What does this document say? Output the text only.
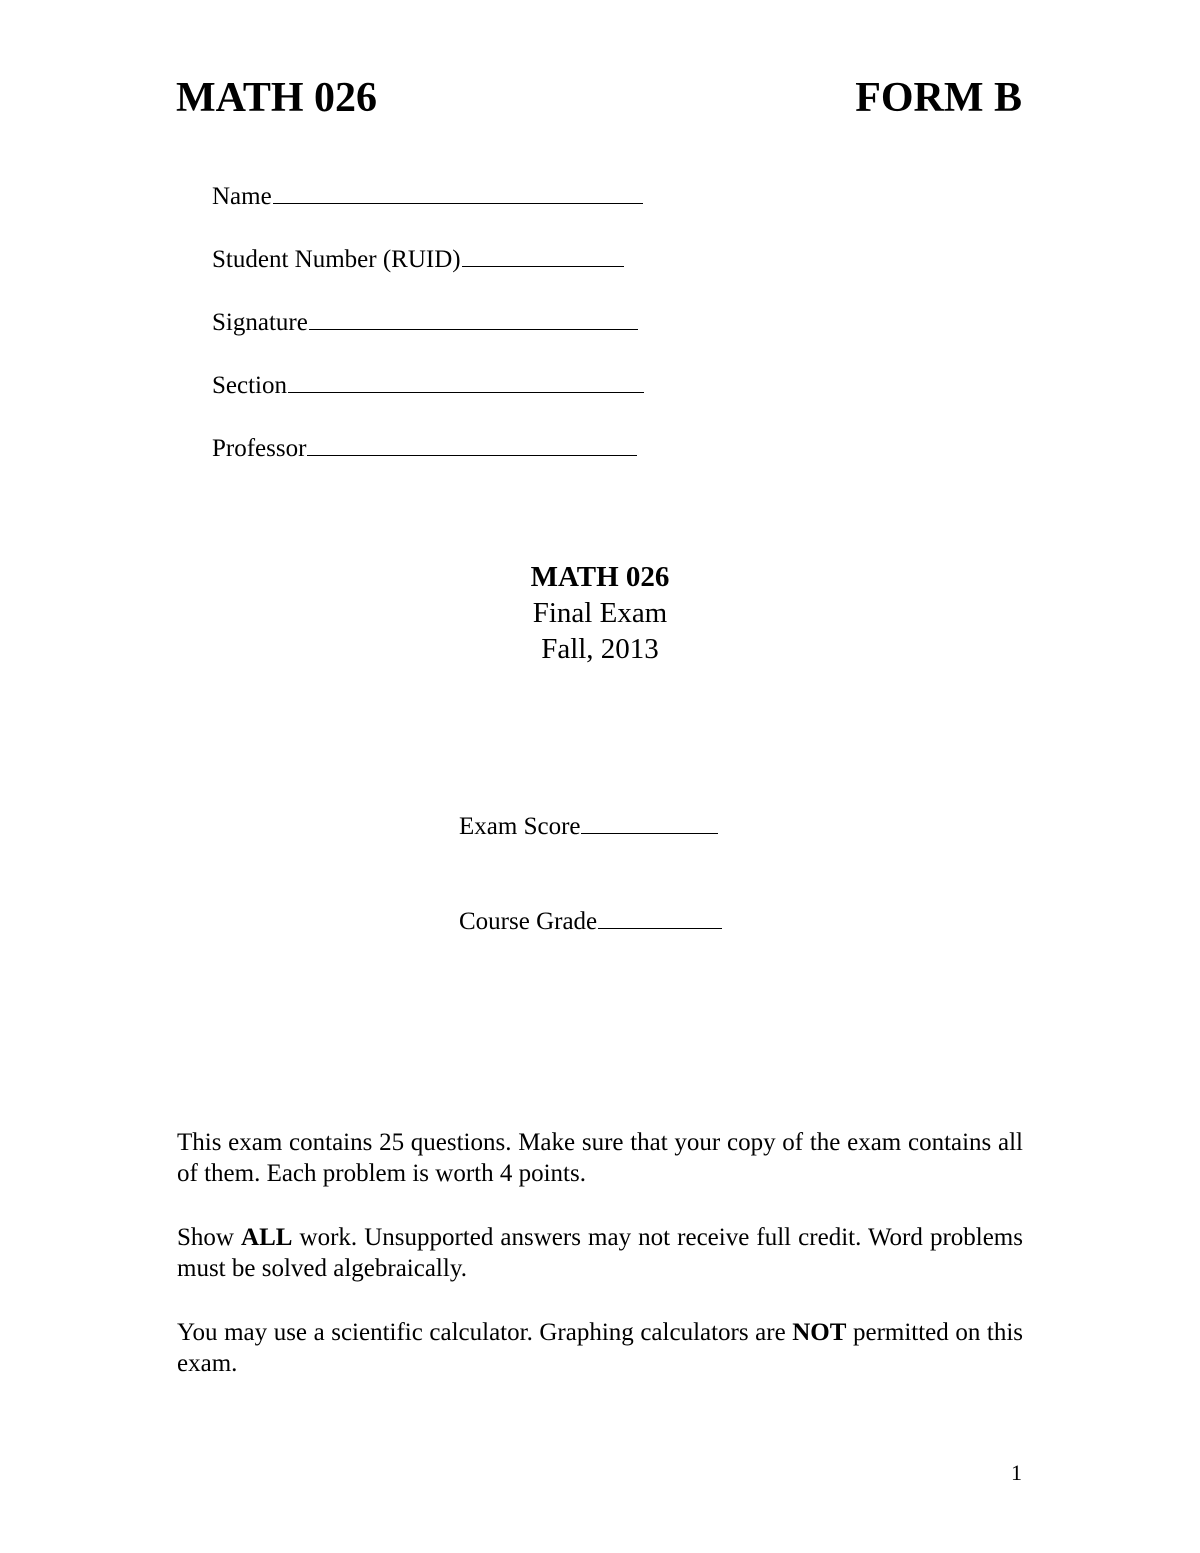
MATH 026	FORM B
Name
Student Number (RUID)
Signature
Section
Professor
MATH 026
Final Exam
Fall, 2013
Exam Score
Course Grade
This exam contains 25 questions. Make sure that your copy of the exam contains all of them. Each problem is worth 4 points.
Show ALL work. Unsupported answers may not receive full credit. Word problems must be solved algebraically.
You may use a scientific calculator. Graphing calculators are NOT permitted on this exam.
1
